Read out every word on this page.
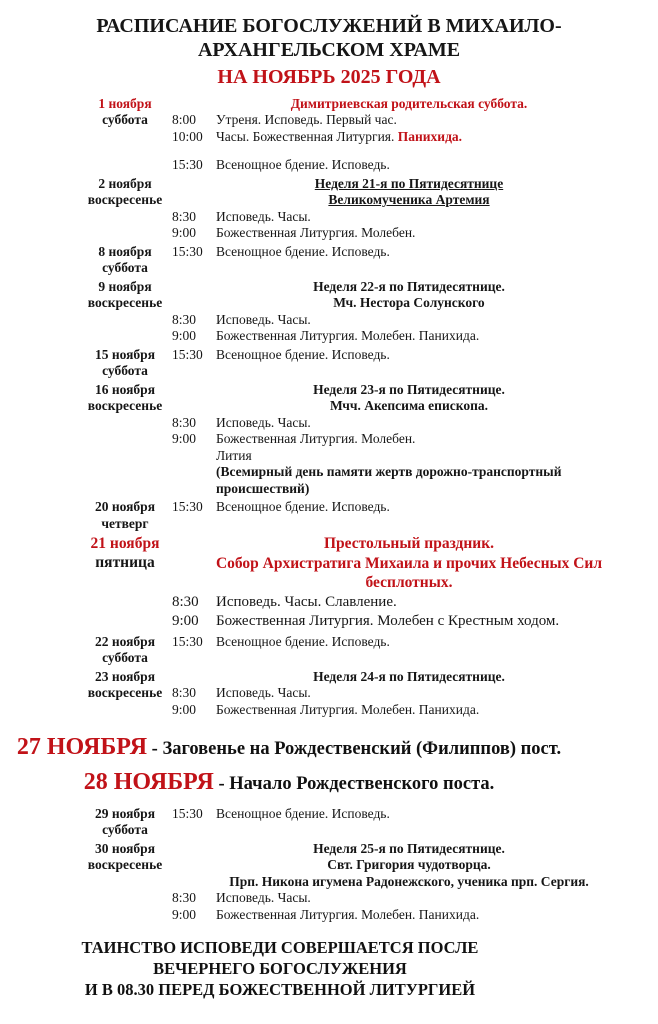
РАСПИСАНИЕ БОГОСЛУЖЕНИЙ В МИХАИЛО-АРХАНГЕЛЬСКОМ ХРАМЕ
НА НОЯБРЬ 2025 ГОДА
1 ноября
суббота
Димитриевская родительская суббота.
8:00	Утреня. Исповедь. Первый час.
10:00 Часы. Божественная Литургия. Панихида.
15:30 Всенощное бдение. Исповедь.
2 ноября
воскресенье
Неделя 21-я по Пятидесятнице
Великомученика Артемия
8:30	Исповедь. Часы.
9:00	Божественная Литургия. Молебен.
8 ноября
суббота
15:30 Всенощное бдение. Исповедь.
9 ноября
воскресенье
Неделя 22-я по Пятидесятнице.
Мч. Нестора Солунского
8:30	Исповедь. Часы.
9:00	Божественная Литургия. Молебен. Панихида.
15 ноября
суббота
15:30 Всенощное бдение. Исповедь.
16 ноября
воскресенье
Неделя 23-я по Пятидесятнице.
Мчч. Акепсима епископа.
8:30	Исповедь. Часы.
9:00	Божественная Литургия. Молебен.
Лития
(Всемирный день памяти жертв дорожно-транспортный происшествий)
20 ноября
четверг
15:30 Всенощное бдение. Исповедь.
21 ноября
пятница
Престольный праздник.
Собор Архистратига Михаила и прочих Небесных Сил бесплотных.
8:30	Исповедь. Часы. Славление.
9:00	Божественная Литургия. Молебен с Крестным ходом.
22 ноября
суббота
15:30 Всенощное бдение. Исповедь.
23 ноября
воскресенье
Неделя 24-я по Пятидесятнице.
8:30	Исповедь. Часы.
9:00	Божественная Литургия. Молебен. Панихида.
27 НОЯБРЯ - Заговенье на Рождественский (Филиппов) пост.
28 НОЯБРЯ - Начало Рождественского поста.
29 ноября
суббота
15:30 Всенощное бдение. Исповедь.
30 ноября
воскресенье
Неделя 25-я по Пятидесятнице.
Свт. Григория чудотворца.
Прп. Никона игумена Радонежского, ученика прп. Сергия.
8:30	Исповедь. Часы.
9:00	Божественная Литургия. Молебен. Панихида.
ТАИНСТВО ИСПОВЕДИ СОВЕРШАЕТСЯ ПОСЛЕ
ВЕЧЕРНЕГО БОГОСЛУЖЕНИЯ
И В 08.30 ПЕРЕД БОЖЕСТВЕННОЙ ЛИТУРГИЕЙ
